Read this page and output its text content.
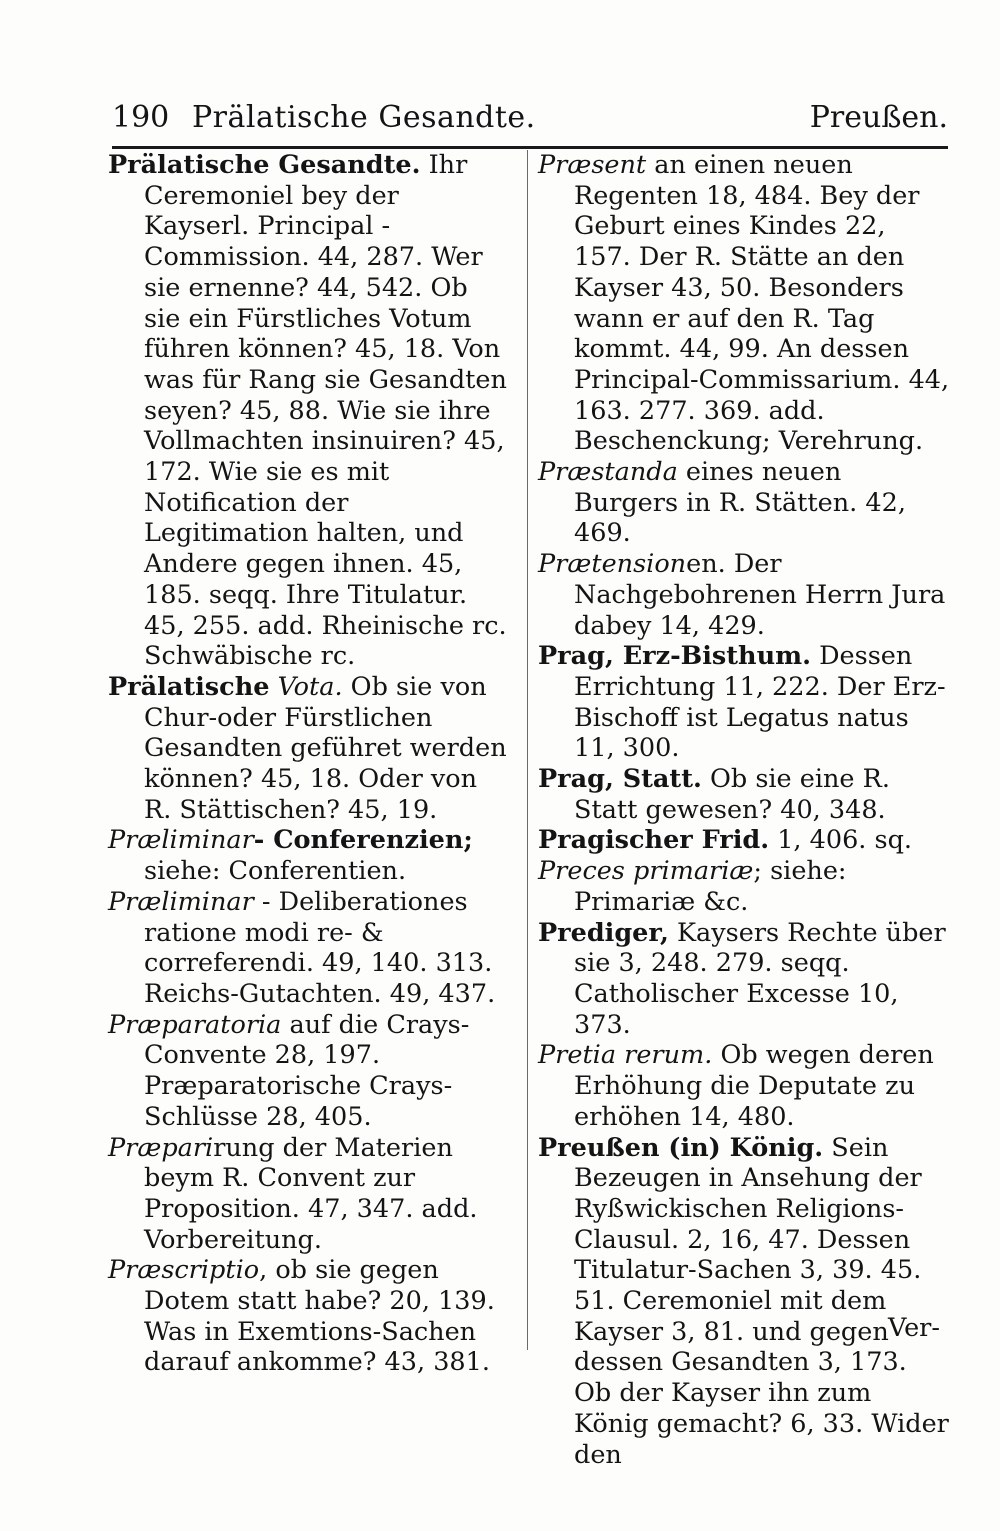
190 Prälatische Gesandte.	Preußen.

Prälatische Gesandte. Ihr Ceremoniel bey der Kayserl. Principal - Commission. 44, 287. Wer sie ernenne? 44, 542. Ob sie ein Fürstliches Votum führen können? 45, 18. Von was für Rang sie Gesandten seyen? 45, 88. Wie sie ihre Vollmachten insinuiren? 45, 172. Wie sie es mit Notification der Legitimation halten, und Andere gegen ihnen. 45, 185. seqq. Ihre Titulatur. 45, 255. add. Rheinische rc. Schwäbische rc.

Prälatische Vota. Ob sie von Chur-oder Fürstlichen Gesandten geführet werden können? 45, 18. Oder von R. Stättischen? 45, 19.

Præliminar- Conferenzien; siehe: Conferentien.

Præliminar - Deliberationes ratione modi re- & correferendi. 49, 140. 313. Reichs-Gutachten. 49, 437.

Præparatoria auf die Crays-Convente 28, 197. Præparatorische Crays-Schlüsse 28, 405.

Præparirung der Materien beym R. Convent zur Proposition. 47, 347. add. Vorbereitung.

Præscriptio, ob sie gegen Dotem statt habe? 20, 139. Was in Exemtions-Sachen darauf ankomme? 43, 381.

Præsent an einen neuen Regenten 18, 484. Bey der Geburt eines Kindes 22, 157. Der R. Stätte an den Kayser 43, 50. Besonders wann er auf den R. Tag kommt. 44, 99. An dessen Principal-Commissarium. 44, 163. 277. 369. add. Beschenckung; Verehrung.

Præstanda eines neuen Burgers in R. Stätten. 42, 469.

Prætensionen. Der Nachgebohrenen Herrn Jura dabey 14, 429.

Prag, Erz-Bisthum. Dessen Errichtung 11, 222. Der Erz-Bischoff ist Legatus natus 11, 300.

Prag, Statt. Ob sie eine R. Statt gewesen? 40, 348.

Pragischer Frid. 1, 406. sq.

Preces primariæ; siehe: Primariæ &c.

Prediger, Kaysers Rechte über sie 3, 248. 279. seqq. Catholischer Excesse 10, 373.

Pretia rerum. Ob wegen deren Erhöhung die Deputate zu erhöhen 14, 480.

Preußen (in) König. Sein Bezeugen in Ansehung der Ryßwickischen Religions-Clausul. 2, 16, 47. Dessen Titulatur-Sachen 3, 39. 45. 51. Ceremoniel mit dem Kayser 3, 81. und gegen dessen Gesandten 3, 173. Ob der Kayser ihn zum König gemacht? 6, 33. Wider den

Ver-
